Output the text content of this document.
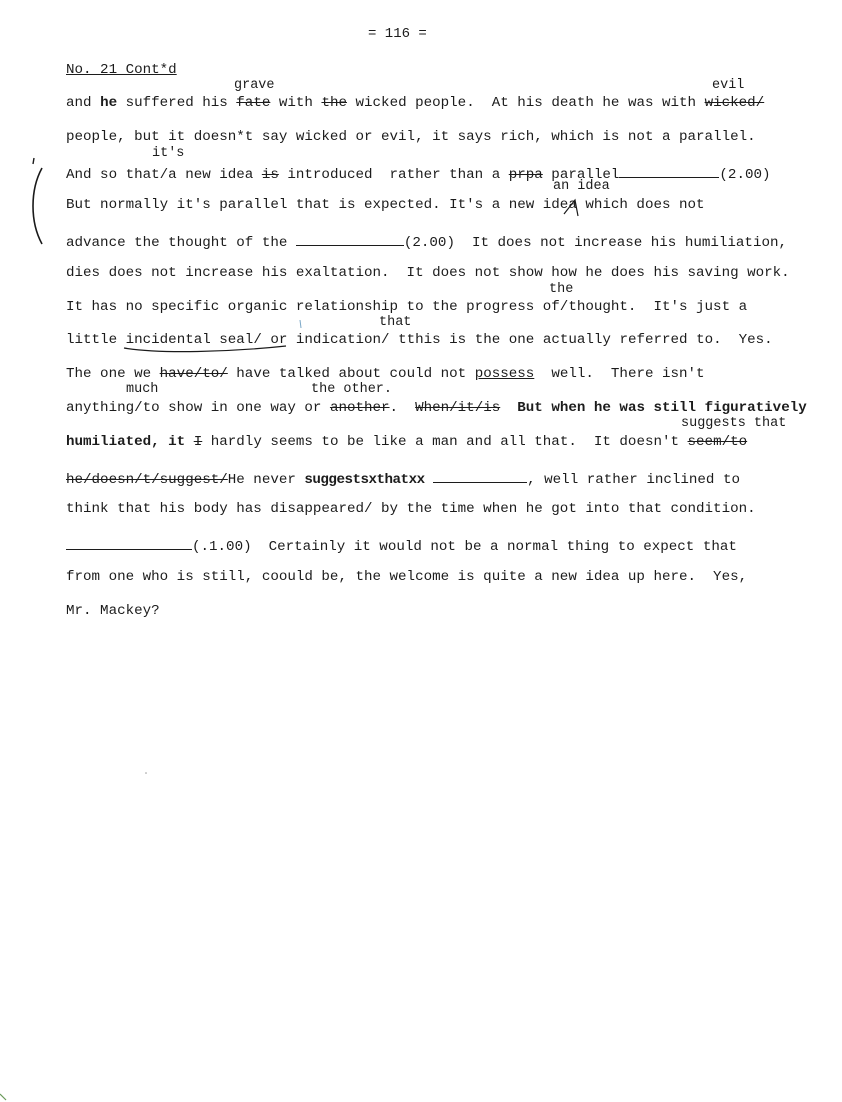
= 116 =
No. 21 Cont*d
grave	evil
and he suffered his fate with the wicked people.  At his death he was with wicked/
people, but it doesn*t say wicked or evil, it says rich, which is not a parallel.
it's
And so that/a new idea is introduced  rather than a prpa parallel	(2.00)
an idea
But normally it's parallel that is expected. It's a new idea which does not
advance the thought of the	(2.00)  It does not increase his humiliation,
dies does not increase his exaltation.  It does not show how he does his saving work.
the
It has no specific organic relationship to the progress of/thought.  It's just a
that
little incidental seal/ or indication/ tthis is the one actually referred to.  Yes.
The one we have/to/ have talked about could not possess  well.  There isn't
much	the other.
anything/to show in one way or another.  When/it/is  But when he was still figuratively
suggests that
humiliated, it I hardly seems to be like a man and all that.  It doesn't seem/to
he/doesn/t/suggest/He never suggestsxthatxx	, well rather inclined to
think that his body has disappeared/ by the time when he got into that condition.
(.1.00)  Certainly it would not be a normal thing to expect that
from one who is still, coould be, the welcome is quite a new idea up here.  Yes,
Mr. Mackey?
